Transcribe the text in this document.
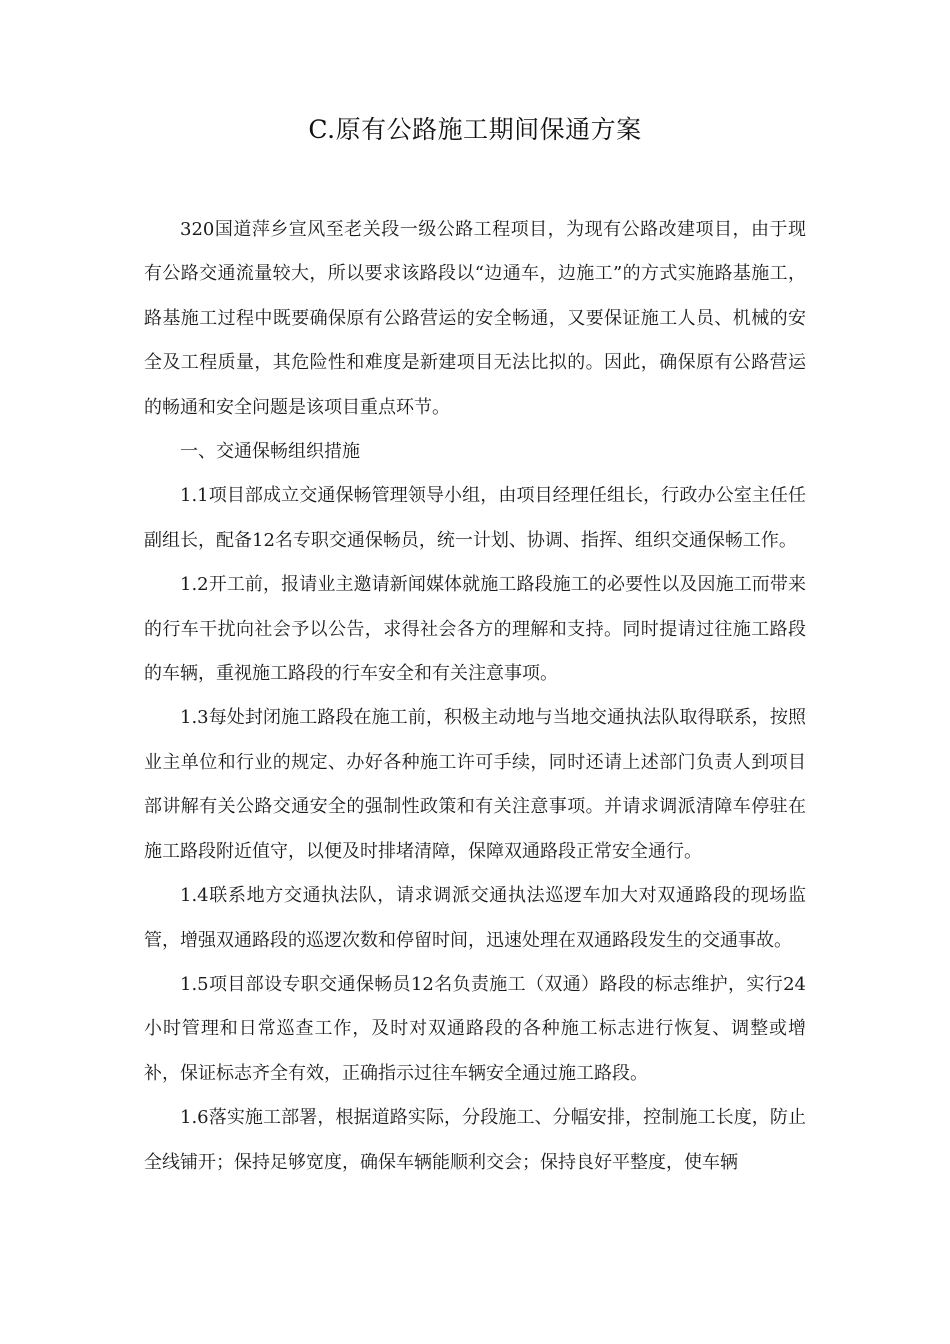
C.原有公路施工期间保通方案

320国道萍乡宣风至老关段一级公路工程项目，为现有公路改建项目，由于现有公路交通流量较大，所以要求该路段以“边通车，边施工”的方式实施路基施工，路基施工过程中既要确保原有公路营运的安全畅通，又要保证施工人员、机械的安全及工程质量，其危险性和难度是新建项目无法比拟的。因此，确保原有公路营运的畅通和安全问题是该项目重点环节。

一、交通保畅组织措施

1.1项目部成立交通保畅管理领导小组，由项目经理任组长，行政办公室主任任副组长，配备12名专职交通保畅员，统一计划、协调、指挥、组织交通保畅工作。

1.2开工前，报请业主邀请新闻媒体就施工路段施工的必要性以及因施工而带来的行车干扰向社会予以公告，求得社会各方的理解和支持。同时提请过往施工路段的车辆，重视施工路段的行车安全和有关注意事项。

1.3每处封闭施工路段在施工前，积极主动地与当地交通执法队取得联系，按照业主单位和行业的规定、办好各种施工许可手续，同时还请上述部门负责人到项目部讲解有关公路交通安全的强制性政策和有关注意事项。并请求调派清障车停驻在施工路段附近值守，以便及时排堵清障，保障双通路段正常安全通行。

1.4联系地方交通执法队，请求调派交通执法巡逻车加大对双通路段的现场监管，增强双通路段的巡逻次数和停留时间，迅速处理在双通路段发生的交通事故。

1.5项目部设专职交通保畅员12名负责施工（双通）路段的标志维护，实行24小时管理和日常巡查工作，及时对双通路段的各种施工标志进行恢复、调整或增补，保证标志齐全有效，正确指示过往车辆安全通过施工路段。

1.6落实施工部署，根据道路实际，分段施工、分幅安排，控制施工长度，防止全线铺开；保持足够宽度，确保车辆能顺利交会；保持良好平整度，使车辆
